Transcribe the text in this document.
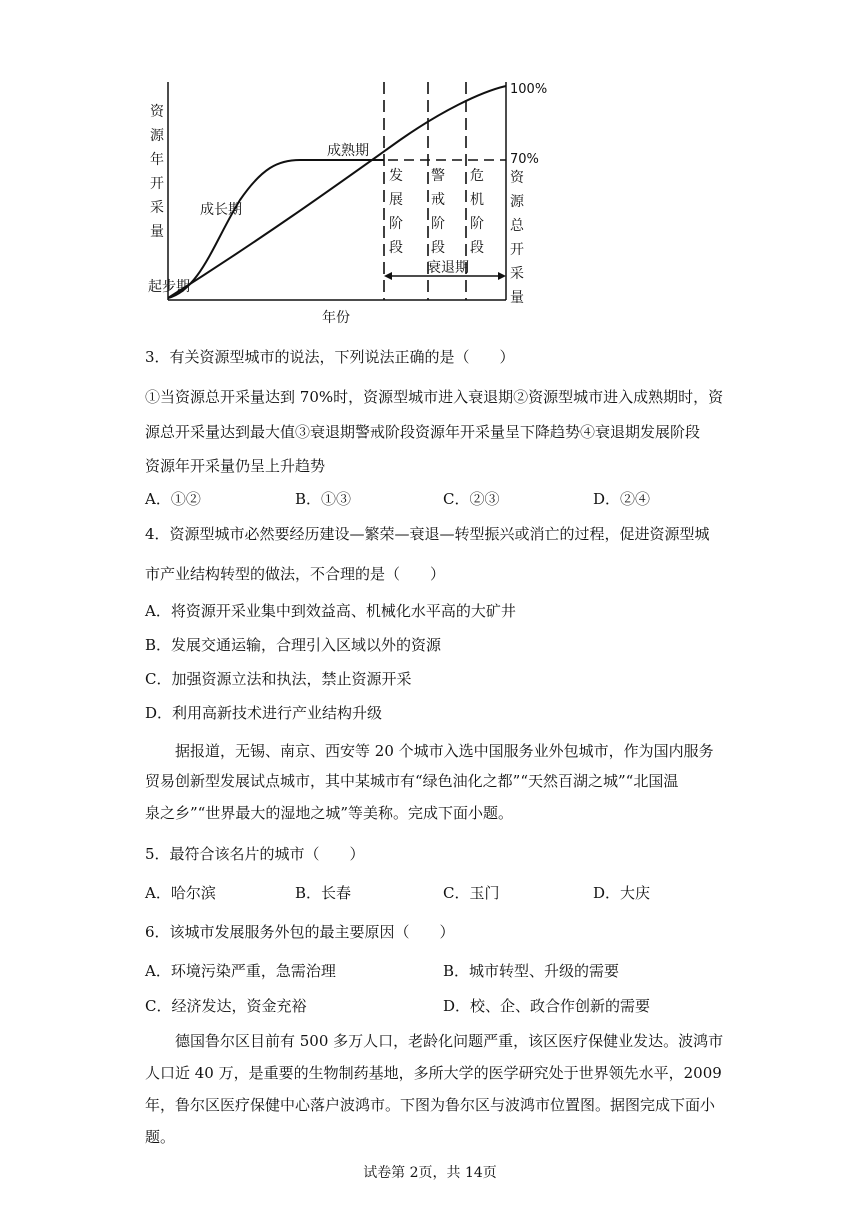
资
源
年
开
采
量
100%
70%
资
源
总
开
采
量
起步期
成长期
成熟期
年份
衰退期
发
展
阶
段
警
戒
阶
段
危
机
阶
段
3．有关资源型城市的说法，下列说法正确的是（　　）
①当资源总开采量达到 70%时，资源型城市进入衰退期②资源型城市进入成熟期时，资
源总开采量达到最大值③衰退期警戒阶段资源年开采量呈下降趋势④衰退期发展阶段
资源年开采量仍呈上升趋势
A．①②	B．①③	C．②③	D．②④
4．资源型城市必然要经历建设—繁荣—衰退—转型振兴或消亡的过程，促进资源型城
市产业结构转型的做法，不合理的是（　　）
A．将资源开采业集中到效益高、机械化水平高的大矿井
B．发展交通运输，合理引入区域以外的资源
C．加强资源立法和执法，禁止资源开采
D．利用高新技术进行产业结构升级
据报道，无锡、南京、西安等 20 个城市入选中国服务业外包城市，作为国内服务
贸易创新型发展试点城市，其中某城市有“绿色油化之都”“天然百湖之城”“北国温
泉之乡”“世界最大的湿地之城”等美称。完成下面小题。
5．最符合该名片的城市（　　）
A．哈尔滨	B．长春	C．玉门	D．大庆
6．该城市发展服务外包的最主要原因（　　）
A．环境污染严重，急需治理	B．城市转型、升级的需要
C．经济发达，资金充裕	D．校、企、政合作创新的需要
德国鲁尔区目前有 500 多万人口，老龄化问题严重，该区医疗保健业发达。波鸿市
人口近 40 万，是重要的生物制药基地，多所大学的医学研究处于世界领先水平，2009
年，鲁尔区医疗保健中心落户波鸿市。下图为鲁尔区与波鸿市位置图。据图完成下面小
题。
试卷第 2页，共 14页
